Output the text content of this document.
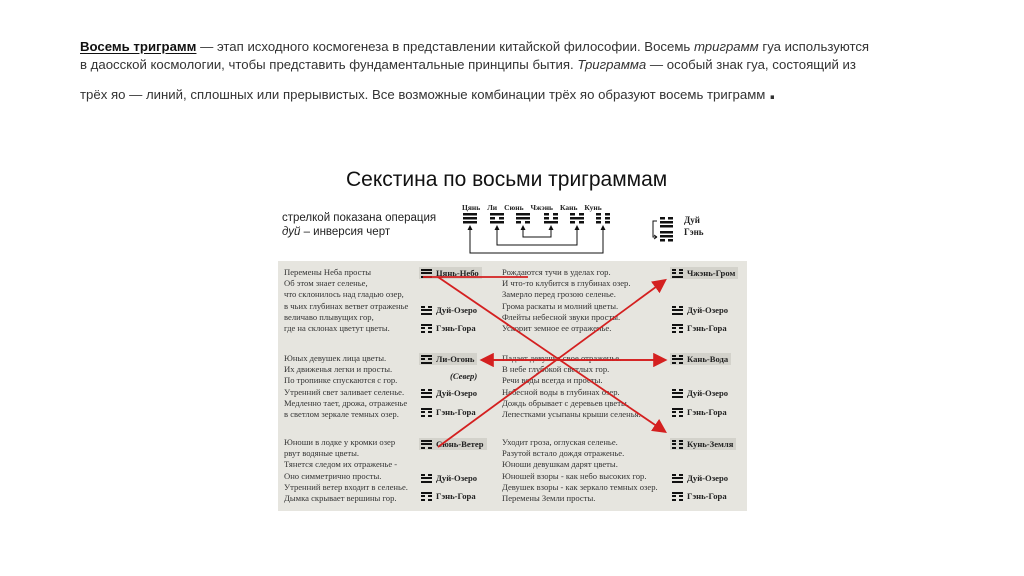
Восемь триграмм — этап исходного космогенеза в представлении китайской философии. Восемь триграмм гуа используются
в даосской космологии, чтобы представить фундаментальные принципы бытия. Триграмма — особый знак гуа, состоящий из
трёх яо — линий, сплошных или прерывистых. Все возможные комбинации трёх яо образуют восемь триграмм .
Секстина по восьми триграммам
стрелкой показана операция
дуй – инверсия черт
Цянь Ли Сюнь Чжэнь Кань Кунь
Дуй
Гэнь
Перемены Неба просты
Об этом знает селенье,
что склонилось над гладью озер,
в чьих глубинах ветвет отраженье
величаво плывущих гор,
где на склонах цветут цветы.
Юных девушек лица цветы.
Их движенья легки и просты.
По тропинке спускаются с гор.
Утренний свет заливает селенье.
Медленно тает, дрожа, отраженье
в светлом зеркале темных озер.
Юноши в лодке у кромки озер
рвут водяные цветы.
Тянется следом их отраженье -
Оно симметрично просты.
Утренний ветер входит в селенье.
Дымка скрывает вершины гор.
Рождаются тучи в уделах гор.
И что-то клубится в глубинах озер.
Замерло перед грозою селенье.
Грома раскаты и молний цветы.
Флейты небесной звуки просты.
Ускорит земное ее отраженье.
Падает девушка свое отраженье.
В небе глубокой светлых гор.
Речи воды всегда и просты.
Небесной воды в глубинах озер.
Дождь обрывает с деревьев цветы.
Лепестками усыпаны крыши селенья.
Уходит гроза, оглуская селенье.
Разутой встало дождя отраженье.
Юноши девушкам дарят цветы.
Юношей взоры - как небо высоких гор.
Девушек взоры - как зеркало темных озер.
Перемены Земли просты.
Цянь-Небо
Дуй-Озеро
Гэнь-Гора
Ли-Огонь
(Север)
Дуй-Озеро
Гэнь-Гора
Сюнь-Ветер
Дуй-Озеро
Гэнь-Гора
Чжэнь-Гром
Дуй-Озеро
Гэнь-Гора
Кань-Вода
Дуй-Озеро
Гэнь-Гора
Кунь-Земля
Дуй-Озеро
Гэнь-Гора
